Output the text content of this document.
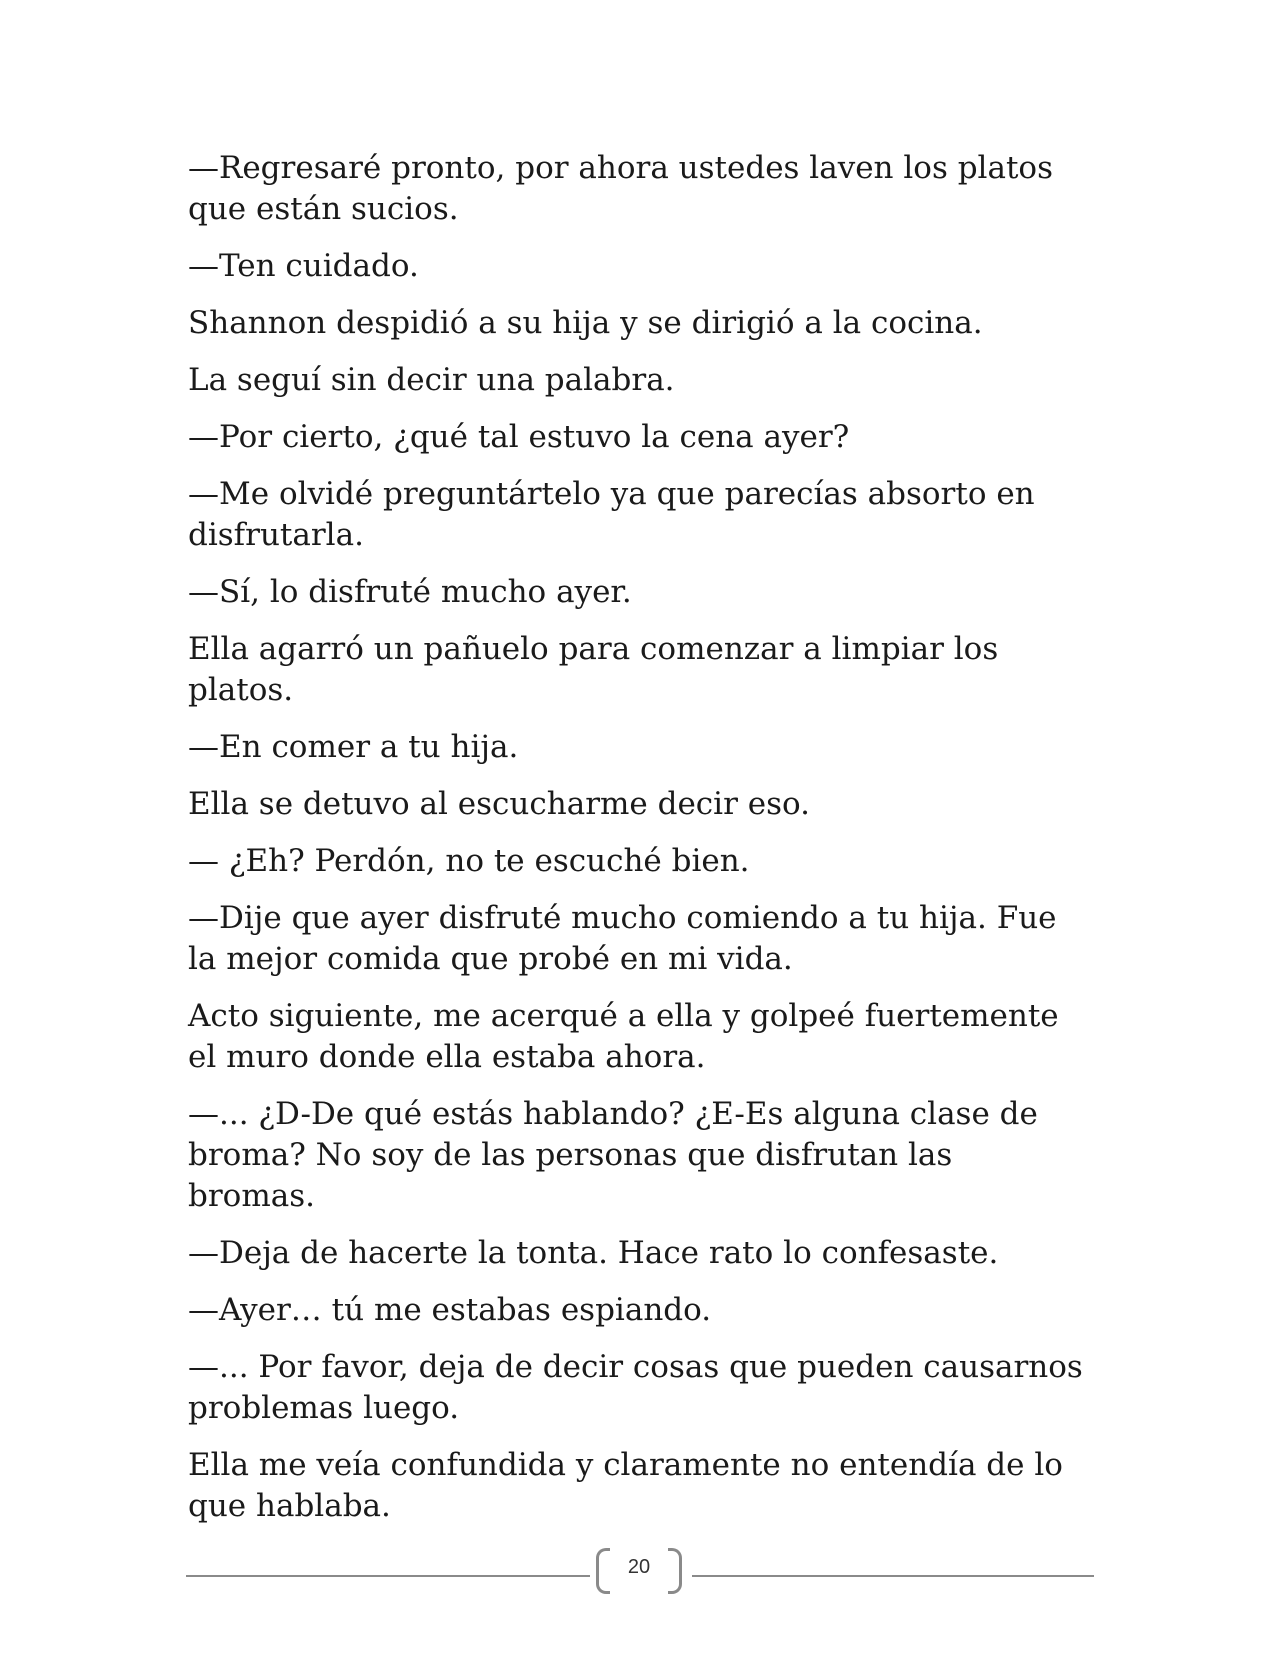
—Regresaré pronto, por ahora ustedes laven los platos que están sucios.

—Ten cuidado.

Shannon despidió a su hija y se dirigió a la cocina.

La seguí sin decir una palabra.

—Por cierto, ¿qué tal estuvo la cena ayer?

—Me olvidé preguntártelo ya que parecías absorto en disfrutarla.

—Sí, lo disfruté mucho ayer.

Ella agarró un pañuelo para comenzar a limpiar los platos.

—En comer a tu hija.

Ella se detuvo al escucharme decir eso.

— ¿Eh? Perdón, no te escuché bien.

—Dije que ayer disfruté mucho comiendo a tu hija. Fue la mejor comida que probé en mi vida.

Acto siguiente, me acerqué a ella y golpeé fuertemente el muro donde ella estaba ahora.

—... ¿D-De qué estás hablando? ¿E-Es alguna clase de broma? No soy de las personas que disfrutan las bromas.

—Deja de hacerte la tonta. Hace rato lo confesaste.

—Ayer… tú me estabas espiando.

—... Por favor, deja de decir cosas que pueden causarnos problemas luego.

Ella me veía confundida y claramente no entendía de lo que hablaba.

20
